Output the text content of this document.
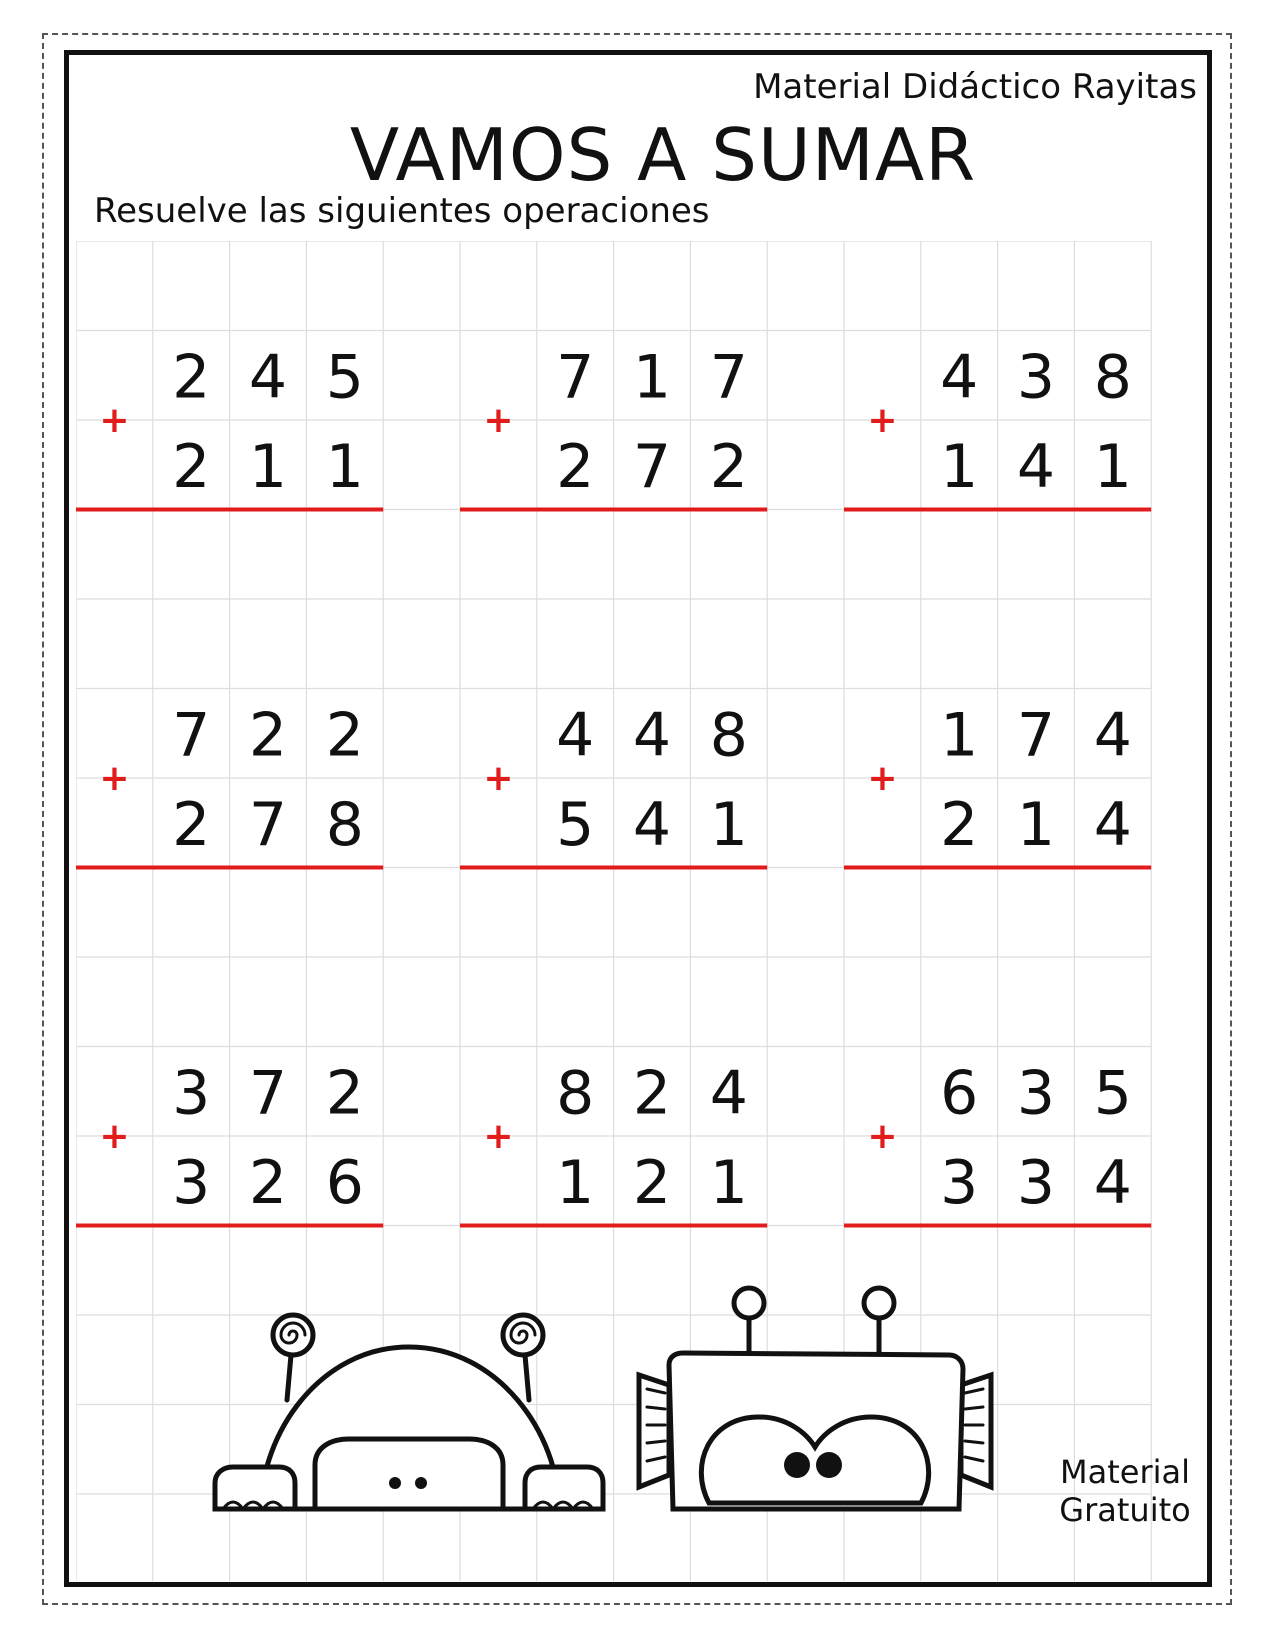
Material Didáctico Rayitas
VAMOS A SUMAR
Resuelve las siguientes operaciones
+
2 4 5
2 1 1
+
7 1 7
2 7 2
+
4 3 8
1 4 1
+
7 2 2
2 7 8
+
4 4 8
5 4 1
+
1 7 4
2 1 4
+
3 7 2
3 2 6
+
8 2 4
1 2 1
+
6 3 5
3 3 4
Material
Gratuito
